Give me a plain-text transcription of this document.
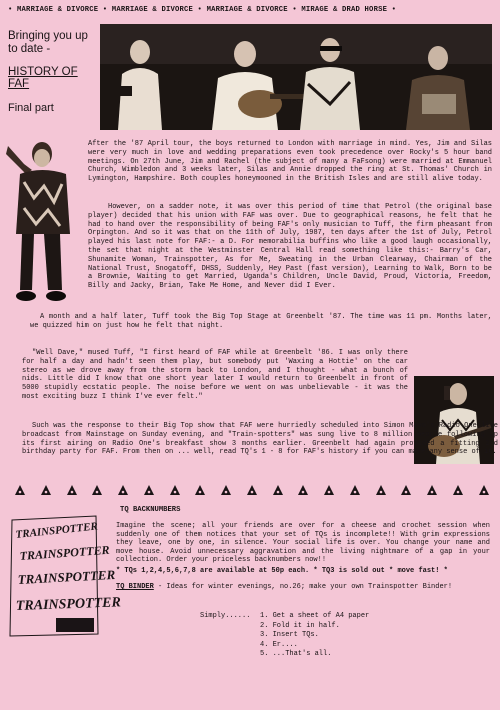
• MARRIAGE & DIVORCE • MARRIAGE & DIVORCE • MARRIAGE & DIVORCE • MIRAGE & DRAD HORSE •
Bringing you up to date -
HISTORY OF
FAF
Final part
After the '87 April tour, the boys returned to London with marriage in mind. Yes, Jim and Silas were very much in love and wedding preparations even took precedence over Rocky's 5 hour band meetings. On 27th June, Jim and Rachel (the subject of many a FaFsong) were married at Emmanuel Church, Wimbledon and 3 weeks later, Silas and Annie dropped the ring at St. Thomas' Church in Lymington, Hampshire. Both couples honeymooned in the British Isles and are still alive today.
However, on a sadder note, it was over this period of time that Petrol (the original base player) decided that his union with FAF was over. Due to geographical reasons, he felt that he had to hand over the responsibility of being FAF's only musician to Tuff, the firm pheasant from Orpington. And so it was that on the 11th of July, 1987, ten days after the 1st of July, Petrol played his last note for FAF:- a D. For memorabilia buffins who like a good laugh occasionally, the set that night at the Westminster Central Hall read something like this:- Barry's Car, Shunamite Woman, Trainspotter, As for Me, Sweating in the Urban Clearway, Chairman of the National Trust, Snogatoff, DHSS, Suddenly, Hey Past (fast version), Learning to Walk, Born to be a Brownie, Waiting to get Married, Uganda's Children, Uncle David, Proud, Victoria, Freedom, Billy and Jacky, Brian, Take Me Home, and Never did I Ever.
A month and a half later, Tuff took the Big Top Stage at Greenbelt '87. The time was 11 pm. Months later, we quizzed him on just how he felt that night.
"Well Dave," mused Tuff, "I first heard of FAF while at Greenbelt '86. I was only there for half a day and hadn't seen them play, but somebody put 'Waxing a Hottie' on the car stereo as we drove away from the storm back to London, and I thought - what a bunch of nids. Little did I know that one short year later I would return to Greenbelt in front of 5000 stupidly ecstatic people. The noise before we went on was unbelievable - it was the most exciting buzz I think I've ever felt."
Such was the response to their Big Top show that FAF were hurriedly scheduled into Simon Mayo's Radio One live broadcast from Mainstage on Sunday evening, and "Train-spotters" was sung live to 8 million people following up its first airing on Radio One's breakfast show 3 months earlier. Greenbelt had again provided a fitting 2nd birthday party for FAF. From then on ... well, read TQ's 1 - 8 for FAF's history if you can make any sense of it.
TRAINSPOTTER
TRAINSPOTTER
TRAINSPOTTER
TRAINSPOTTER
TQ BACKNUMBERS
Imagine the scene; all your friends are over for a cheese and crochet session when suddenly one of them notices that your set of TQs is incomplete!! With grim expressions they leave, one by one, in silence. Your social life is over. You change your name and move house. Avoid unnecessary aggravation and the living nightmare of a gap in your collection. Order your priceless backnumbers now!!
* TQs 1,2,4,5,6,7,8 are available at 50p each. * TQ3 is sold out * move fast! *
TQ BINDER - Ideas for winter evenings, no.26; make your own Trainspotter Binder!
Simply......	1. Get a sheet of A4 paper
2. Fold it in half.
3. Insert TQs.
4. Er....
5. ...That's all.
